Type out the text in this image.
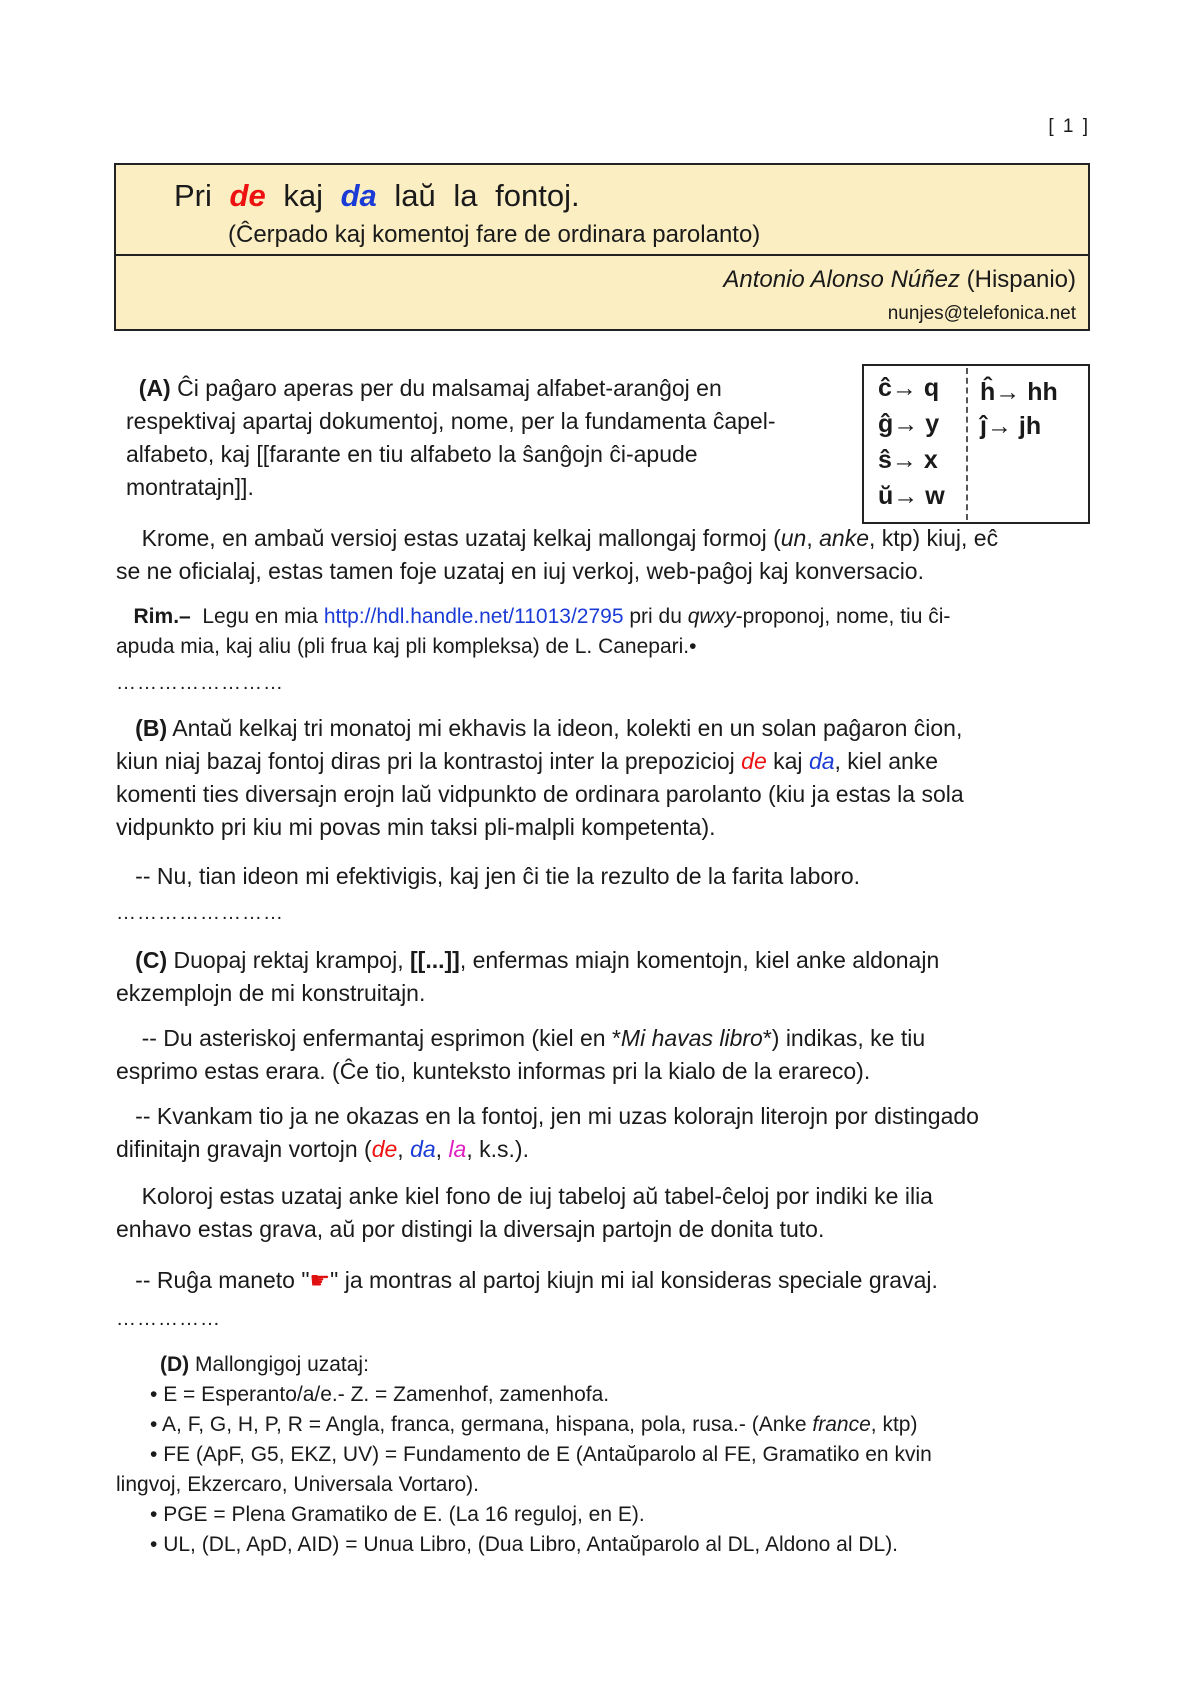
[ 1 ]
Pri de kaj da laŭ la fontoj.
(Ĉerpado kaj komentoj fare de ordinara parolanto)
Antonio Alonso Núñez (Hispanio)
nunjes@telefonica.net
ĉ→ q
ĝ→ y
ŝ→ x
ŭ→ w
ĥ→ hh
ĵ→ jh

(A) Ĉi paĝaro aperas per du malsamaj alfabet-aranĝoj en

respektivaj apartaj dokumentoj, nome, per la fundamenta ĉapel-

alfabeto, kaj [[farante en tiu alfabeto la ŝanĝojn ĉi-apude

montratajn]].

Krome, en ambaŭ versioj estas uzataj kelkaj mallongaj formoj (un, anke, ktp) kiuj, eĉ

se ne oficialaj, estas tamen foje uzataj en iuj verkoj, web-paĝoj kaj konversacio.

Rim.– Legu en mia http://hdl.handle.net/11013/2795 pri du qwxy-proponoj, nome, tiu ĉi-

apuda mia, kaj aliu (pli frua kaj pli kompleksa) de L. Canepari.•

……………………

(B) Antaŭ kelkaj tri monatoj mi ekhavis la ideon, kolekti en un solan paĝaron ĉion,

kiun niaj bazaj fontoj diras pri la kontrastoj inter la prepozicioj de kaj da, kiel anke

komenti ties diversajn erojn laŭ vidpunkto de ordinara parolanto (kiu ja estas la sola

vidpunkto pri kiu mi povas min taksi pli-malpli kompetenta).

-- Nu, tian ideon mi efektivigis, kaj jen ĉi tie la rezulto de la farita laboro.

……………………

(C) Duopaj rektaj krampoj, [[...]], enfermas miajn komentojn, kiel anke aldonajn

ekzemplojn de mi konstruitajn.

-- Du asteriskoj enfermantaj esprimon (kiel en *Mi havas libro*) indikas, ke tiu

esprimo estas erara. (Ĉe tio, kunteksto informas pri la kialo de la erareco).

-- Kvankam tio ja ne okazas en la fontoj, jen mi uzas kolorajn literojn por distingado

difinitajn gravajn vortojn (de, da, la, k.s.).

Koloroj estas uzataj anke kiel fono de iuj tabeloj aŭ tabel-ĉeloj por indiki ke ilia

enhavo estas grava, aŭ por distingi la diversajn partojn de donita tuto.

-- Ruĝa maneto "☛" ja montras al partoj kiujn mi ial konsideras speciale gravaj.

……………
(D) Mallongigoj uzataj:
• E = Esperanto/a/e.- Z. = Zamenhof, zamenhofa.
• A, F, G, H, P, R = Angla, franca, germana, hispana, pola, rusa.- (Anke france, ktp)
• FE (ApF, G5, EKZ, UV) = Fundamento de E (Antaŭparolo al FE, Gramatiko en kvin
lingvoj, Ekzercaro, Universala Vortaro).
• PGE = Plena Gramatiko de E. (La 16 reguloj, en E).
• UL, (DL, ApD, AID) = Unua Libro, (Dua Libro, Antaŭparolo al DL, Aldono al DL).
